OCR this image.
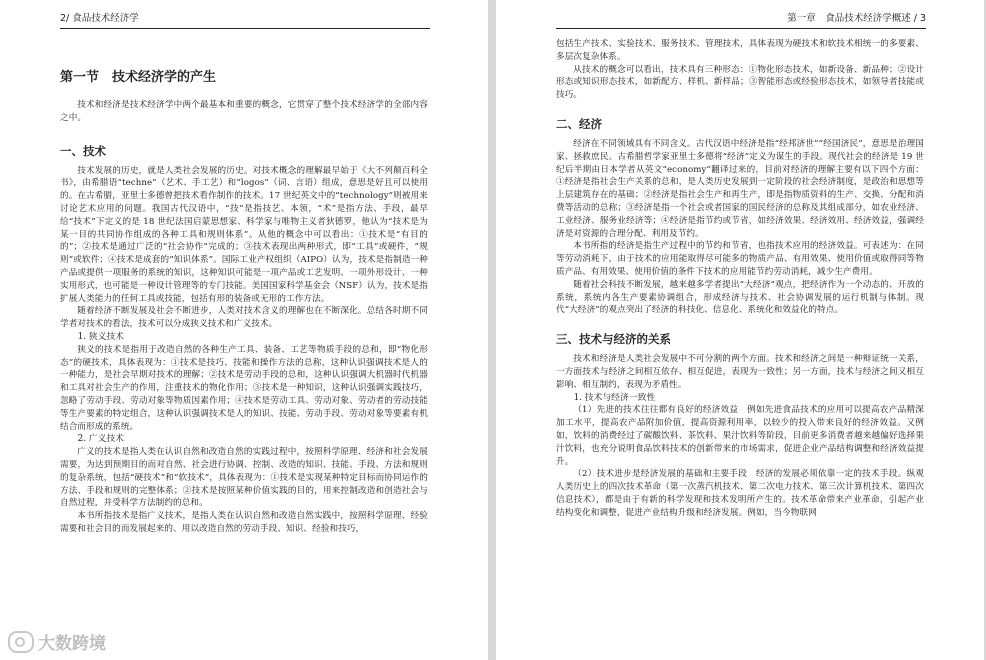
2/ 食品技术经济学
第一节　技术经济学的产生

技术和经济是技术经济学中两个最基本和重要的概念，它贯穿了整个技术经济学的全部内容之中。

一、技术

技术发展的历史，就是人类社会发展的历史。对技术概念的理解最早始于《大不列颠百科全书》，由希腊语“techne”（艺术、手工艺）和“logos”（词、言语）组成，意思是好且可以使用的。在古希腊，亚里士多德曾把技术看作制作的技术。17 世纪英文中的“technology”则被用来讨论艺术应用的问题。我国古代汉语中，“技”是指技艺、本领，“术”是指方法、手段，最早给“技术”下定义的是 18 世纪法国启蒙思想家、科学家与唯物主义者狄德罗，他认为“技术是为某一目的共同协作组成的各种工具和规则体系”。从他的概念中可以看出：①技术是“有目的的”；②技术是通过广泛的“社会协作”完成的；③技术表现出两种形式，即“工具”或硬件，“规则”或软件；④技术是成套的“知识体系”。国际工业产权组织（AIPO）认为，技术是指制造一种产品或提供一项服务的系统的知识，这种知识可能是一项产品或工艺发明、一项外形设计、一种实用形式，也可能是一种设计管理等的专门技能。美国国家科学基金会（NSF）认为，技术是指扩展人类能力的任何工具或技能，包括有形的装备或无形的工作方法。

随着经济不断发展及社会不断进步，人类对技术含义的理解也在不断深化。总结各时期不同学者对技术的看法，技术可以分成狭义技术和广义技术。

1. 狭义技术

狭义的技术是指用于改造自然的各种生产工具、装备、工艺等物质手段的总和，即“物化形态”的硬技术，具体表现为：①技术是技巧、技能和操作方法的总称，这种认识强调技术是人的一种能力，是社会早期对技术的理解；②技术是劳动手段的总和，这种认识强调大机器时代机器和工具对社会生产的作用，注重技术的物化作用；③技术是一种知识，这种认识强调实践技巧，忽略了劳动手段、劳动对象等物质因素作用；④技术是劳动工具、劳动对象、劳动者的劳动技能等生产要素的特定组合，这种认识强调技术是人的知识、技能、劳动手段、劳动对象等要素有机结合而形成的系统。

2. 广义技术

广义的技术是指人类在认识自然和改造自然的实践过程中，按照科学原理、经济和社会发展需要，为达到预期目的而对自然、社会进行协调、控制、改造的知识、技能、手段、方法和规则的复杂系统，包括“硬技术”和“软技术”，具体表现为：①技术是实现某种特定目标而协同运作的方法、手段和规则的完整体系；②技术是按照某种价值实践的目的，用来控制改造和创造社会与自然过程，并受科学方法制约的总和。

本书所指技术是指广义技术，是指人类在认识自然和改造自然实践中，按照科学原理、经验需要和社会目的而发展起来的、用以改造自然的劳动手段、知识、经验和技巧，

大数跨境
第一章　食品技术经济学概述 / 3

包括生产技术、实验技术、服务技术、管理技术，具体表现为硬技术和软技术相统一的多要素、多层次复杂体系。

从技术的概念可以看出，技术具有三种形态：①物化形态技术，如新设备、新品种；②设计形态或知识形态技术，如新配方、样机、新样品；③智能形态或经验形态技术，如领导者技能或技巧。

二、经济

经济在不同领域具有不同含义。古代汉语中经济是指“经邦济世”“经国济民”，意思是治理国家、拯救庶民。古希腊哲学家亚里士多德将“经济”定义为谋生的手段。现代社会的经济是 19 世纪后半期由日本学者从英文“economy”翻译过来的，目前对经济的理解主要有以下四个方面：①经济是指社会生产关系的总和，是人类历史发展到一定阶段的社会经济制度，是政治和思想等上层建筑存在的基础；②经济是指社会生产和再生产，即是指物质资料的生产、交换、分配和消费等活动的总称；③经济是指一个社会或者国家的国民经济的总称及其组成部分，如农业经济、工业经济、服务业经济等；④经济是指节约或节省，如经济效果、经济效用、经济效益，强调经济是对资源的合理分配、利用及节约。

本书所指的经济是指生产过程中的节约和节省，也指技术应用的经济效益。可表述为：在同等劳动消耗下，由于技术的应用能取得尽可能多的物质产品、有用效果、使用价值或取得同等物质产品、有用效果、使用价值的条件下技术的应用能节约劳动消耗，减少生产费用。

随着社会科技不断发展，越来越多学者提出“大经济”观点，把经济作为一个动态的、开放的系统，系统内各生产要素协调组合，形成经济与技术、社会协调发展的运行机制与体制。现代“大经济”的观点突出了经济的科技化、信息化、系统化和效益化的特点。

三、技术与经济的关系

技术和经济是人类社会发展中不可分割的两个方面。技术和经济之间是一种辩证统一关系，一方面技术与经济之间相互依存、相互促进，表现为一致性；另一方面，技术与经济之间又相互影响、相互制约，表现为矛盾性。

1. 技术与经济一致性

（1）先进的技术往往都有良好的经济效益　例如先进食品技术的应用可以提高农产品精深加工水平，提高农产品附加价值，提高资源利用率，以较少的投入带来良好的经济效益。又例如，饮料的消费经过了碳酸饮料、茶饮料、果汁饮料等阶段，目前更多消费者越来越偏好选择果汁饮料，也充分说明食品饮料技术的创新带来的市场需求，促进企业产品结构调整和经济效益提升。

（2）技术进步是经济发展的基础和主要手段　经济的发展必须依靠一定的技术手段。纵观人类历史上的四次技术革命（第一次蒸汽机技术、第二次电力技术、第三次计算机技术、第四次信息技术），都是由于有新的科学发现和技术发明所产生的。技术革命带来产业革命，引起产业结构变化和调整，促进产业结构升级和经济发展。例如，当今物联网
